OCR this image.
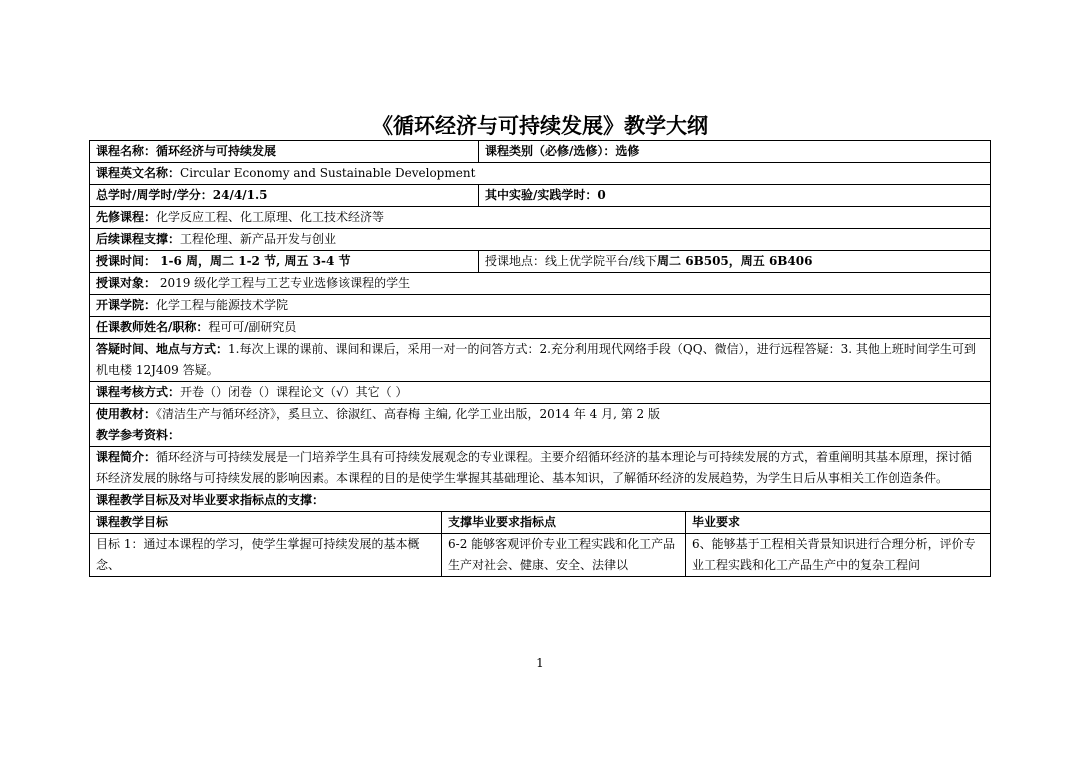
《循环经济与可持续发展》教学大纲
课程名称：循环经济与可持续发展		课程类别（必修/选修）：选修	
课程英文名称：Circular Economy and Sustainable Development			
总学时/周学时/学分：24/4/1.5		其中实验/实践学时：0	
先修课程：化学反应工程、化工原理、化工技术经济等			
后续课程支撑：工程伦理、新产品开发与创业			
授课时间： 1-6 周，周二 1-2 节, 周五 3-4 节		授课地点：线上优学院平台/线下周二 6B505，周五 6B406	
授课对象： 2019 级化学工程与工艺专业选修该课程的学生			
开课学院：化学工程与能源技术学院			
任课教师姓名/职称：程可可/副研究员			
答疑时间、地点与方式：1.每次上课的课前、课间和课后，采用一对一的问答方式：2.充分利用现代网络手段（QQ、微信），进行远程答疑：3. 其他上班时间学生可到机电楼 12J409 答疑。			
课程考核方式：开卷（）闭卷（）课程论文（√）其它（ ）			
使用教材：《清洁生产与循环经济》，奚旦立、徐淑红、高春梅 主编, 化学工业出版，2014 年 4 月, 第 2 版
教学参考资料：			
课程简介：循环经济与可持续发展是一门培养学生具有可持续发展观念的专业课程。主要介绍循环经济的基本理论与可持续发展的方式，着重阐明其基本原理，探讨循环经济发展的脉络与可持续发展的影响因素。本课程的目的是使学生掌握其基础理论、基本知识，了解循环经济的发展趋势，为学生日后从事相关工作创造条件。			
课程教学目标及对毕业要求指标点的支撑：			
课程教学目标	支撑毕业要求指标点		毕业要求
目标 1：通过本课程的学习，使学生掌握可持续发展的基本概念、	6-2 能够客观评价专业工程实践和化工产品生产对社会、健康、安全、法律以		6、能够基于工程相关背景知识进行合理分析，评价专业工程实践和化工产品生产中的复杂工程问
1
